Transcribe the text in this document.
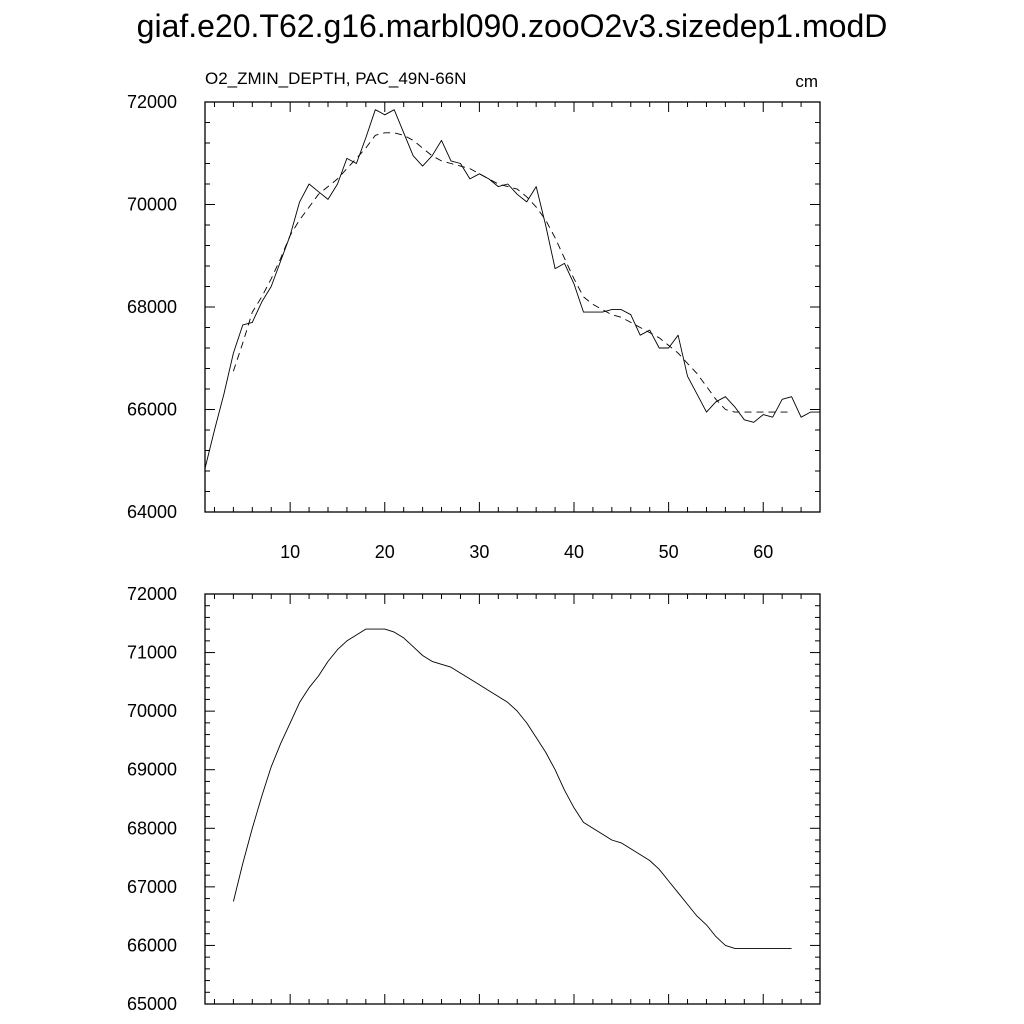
giaf.e20.T62.g16.marbl090.zooO2v3.sizedep1.modD
10	20	30	40	50	60
64000
66000
68000
70000
72000
O2_ZMIN_DEPTH, PAC_49N-66N	cm
65000
66000
67000
68000
69000
70000
71000
72000
